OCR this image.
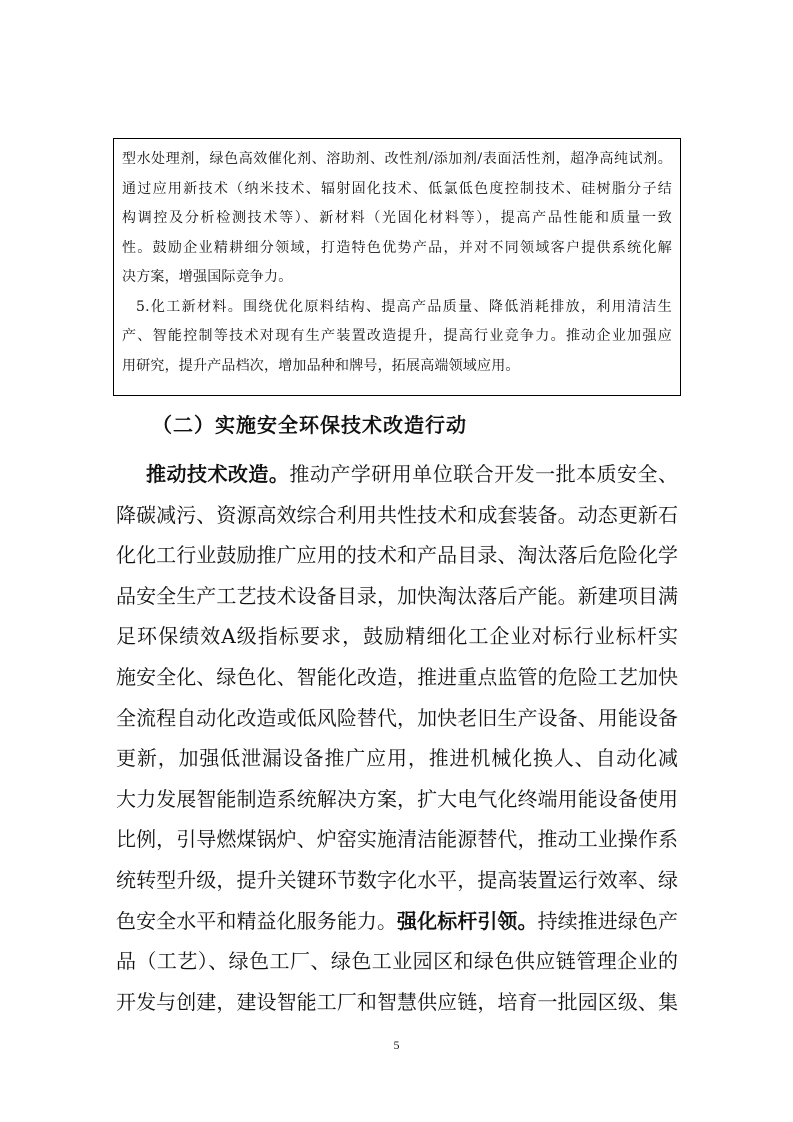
型水处理剂，绿色高效催化剂、溶助剂、改性剂/添加剂/表面活性剂，超净高纯试剂。
通过应用新技术（纳米技术、辐射固化技术、低氯低色度控制技术、硅树脂分子结
构调控及分析检测技术等）、新材料（光固化材料等），提高产品性能和质量一致
性。鼓励企业精耕细分领域，打造特色优势产品，并对不同领域客户提供系统化解
决方案，增强国际竞争力。
5.化工新材料。围绕优化原料结构、提高产品质量、降低消耗排放，利用清洁生
产、智能控制等技术对现有生产装置改造提升，提高行业竞争力。推动企业加强应
用研究，提升产品档次，增加品种和牌号，拓展高端领域应用。
（二）实施安全环保技术改造行动
推动技术改造。推动产学研用单位联合开发一批本质安全、
降碳减污、资源高效综合利用共性技术和成套装备。动态更新石
化化工行业鼓励推广应用的技术和产品目录、淘汰落后危险化学
品安全生产工艺技术设备目录，加快淘汰落后产能。新建项目满
足环保绩效A级指标要求，鼓励精细化工企业对标行业标杆实
施安全化、绿色化、智能化改造，推进重点监管的危险工艺加快
全流程自动化改造或低风险替代，加快老旧生产设备、用能设备
更新，加强低泄漏设备推广应用，推进机械化换人、自动化减
大力发展智能制造系统解决方案，扩大电气化终端用能设备使用
比例，引导燃煤锅炉、炉窑实施清洁能源替代，推动工业操作系
统转型升级，提升关键环节数字化水平，提高装置运行效率、绿
色安全水平和精益化服务能力。强化标杆引领。持续推进绿色产
品（工艺）、绿色工厂、绿色工业园区和绿色供应链管理企业的
开发与创建，建设智能工厂和智慧供应链，培育一批园区级、集
5
